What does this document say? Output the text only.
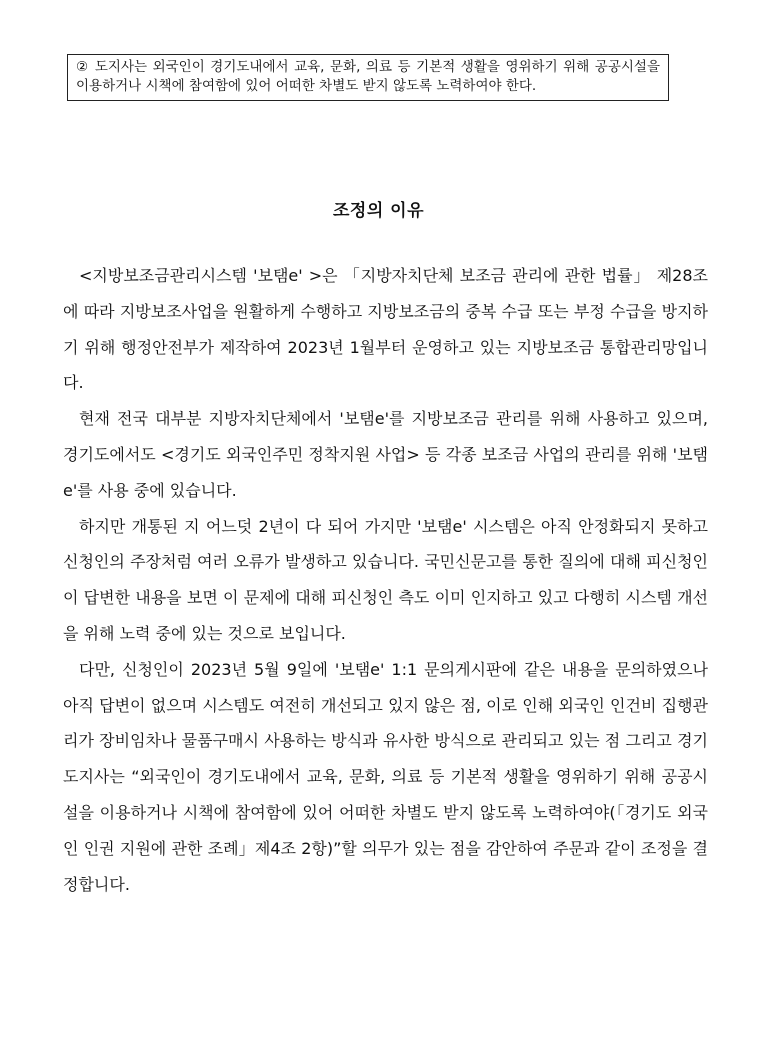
② 도지사는 외국인이 경기도내에서 교육, 문화, 의료 등 기본적 생활을 영위하기 위해 공공시설을 이용하거나 시책에 참여함에 있어 어떠한 차별도 받지 않도록 노력하여야 한다.
조정의 이유

<지방보조금관리시스템 '보탬e' >은 「지방자치단체 보조금 관리에 관한 법률」 제28조에 따라 지방보조사업을 원활하게 수행하고 지방보조금의 중복 수급 또는 부정 수급을 방지하기 위해 행정안전부가 제작하여 2023년 1월부터 운영하고 있는 지방보조금 통합관리망입니다.

현재 전국 대부분 지방자치단체에서 '보탬e'를 지방보조금 관리를 위해 사용하고 있으며, 경기도에서도 <경기도 외국인주민 정착지원 사업> 등 각종 보조금 사업의 관리를 위해 '보탬e'를 사용 중에 있습니다.

하지만 개통된 지 어느덧 2년이 다 되어 가지만 '보탬e' 시스템은 아직 안정화되지 못하고 신청인의 주장처럼 여러 오류가 발생하고 있습니다. 국민신문고를 통한 질의에 대해 피신청인이 답변한 내용을 보면 이 문제에 대해 피신청인 측도 이미 인지하고 있고 다행히 시스템 개선을 위해 노력 중에 있는 것으로 보입니다.

다만, 신청인이 2023년 5월 9일에 '보탬e' 1:1 문의게시판에 같은 내용을 문의하였으나 아직 답변이 없으며 시스템도 여전히 개선되고 있지 않은 점, 이로 인해 외국인 인건비 집행관리가 장비임차나 물품구매시 사용하는 방식과 유사한 방식으로 관리되고 있는 점 그리고 경기도지사는 “외국인이 경기도내에서 교육, 문화, 의료 등 기본적 생활을 영위하기 위해 공공시설을 이용하거나 시책에 참여함에 있어 어떠한 차별도 받지 않도록 노력하여야(「경기도 외국인 인권 지원에 관한 조례」제4조 2항)”할 의무가 있는 점을 감안하여 주문과 같이 조정을 결정합니다.
